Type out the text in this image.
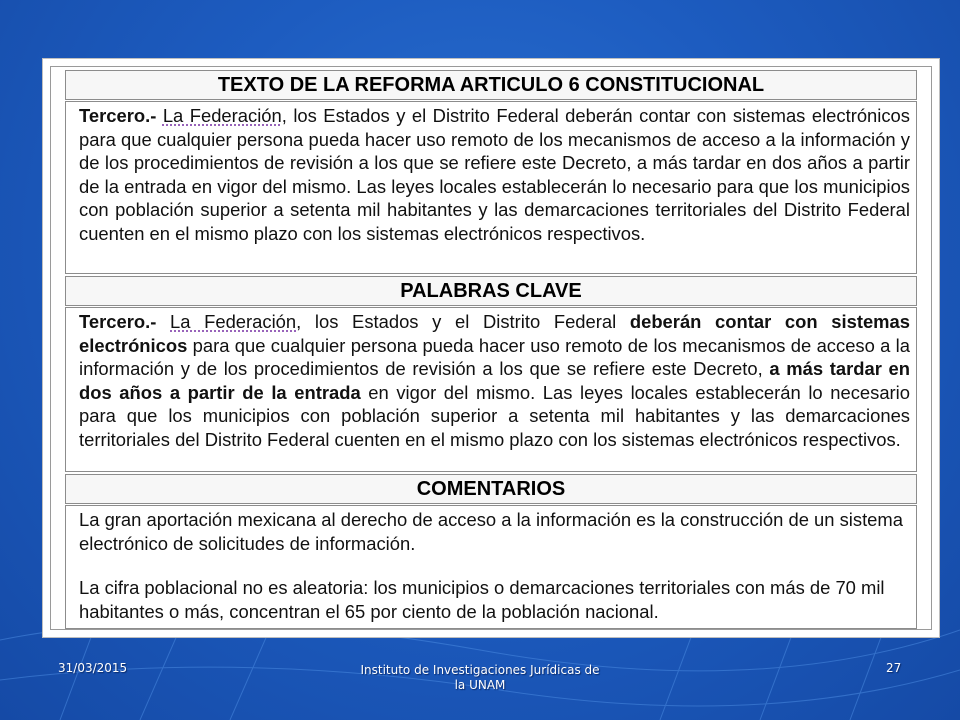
TEXTO DE LA REFORMA ARTICULO 6 CONSTITUCIONAL
Tercero.- La Federación, los Estados y el Distrito Federal deberán contar con sistemas electrónicos para que cualquier persona pueda hacer uso remoto de los mecanismos de acceso a la información y de los procedimientos de revisión a los que se refiere este Decreto, a más tardar en dos años a partir de la entrada en vigor del mismo. Las leyes locales establecerán lo necesario para que los municipios con población superior a setenta mil habitantes y las demarcaciones territoriales del Distrito Federal cuenten en el mismo plazo con los sistemas electrónicos respectivos.
PALABRAS CLAVE
Tercero.- La Federación, los Estados y el Distrito Federal deberán contar con sistemas electrónicos para que cualquier persona pueda hacer uso remoto de los mecanismos de acceso a la información y de los procedimientos de revisión a los que se refiere este Decreto, a más tardar en dos años a partir de la entrada en vigor del mismo. Las leyes locales establecerán lo necesario para que los municipios con población superior a setenta mil habitantes y las demarcaciones territoriales del Distrito Federal cuenten en el mismo plazo con los sistemas electrónicos respectivos.
COMENTARIOS
La gran aportación mexicana al derecho de acceso a la información es la construcción de un sistema electrónico de solicitudes de información.
La cifra poblacional no es aleatoria: los municipios o demarcaciones territoriales con más de 70 mil habitantes o más, concentran el 65 por ciento de la población nacional.
31/03/2015	Instituto de Investigaciones Jurídicas de
la UNAM
27
